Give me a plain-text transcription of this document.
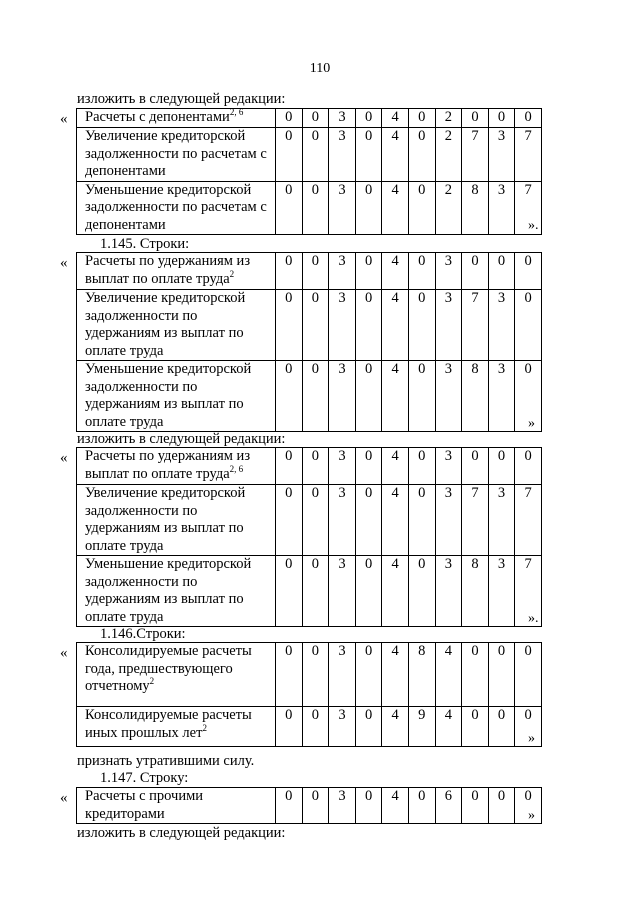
110
изложить в следующей редакции:
« Расчеты с депонентами$^{2, 6}$	0	0	3	0	4	0	2	0	0	0
Увеличение кредиторской задолженности по расчетам с депонентами	0	0	3	0	4	0	2	7	3	7
Уменьшение кредиторской задолженности по расчетам с депонентами	0	0	3	0	4	0	2	8	3	7
».
1.145. Строки:
« Расчеты по удержаниям из выплат по оплате труда$^2$	0	0	3	0	4	0	3	0	0	0
Увеличение кредиторской задолженности по удержаниям из выплат по оплате труда	0	0	3	0	4	0	3	7	3	0
Уменьшение кредиторской задолженности по удержаниям из выплат по оплате труда	0	0	3	0	4	0	3	8	3	0
»
изложить в следующей редакции:
« Расчеты по удержаниям из выплат по оплате труда$^{2, 6}$	0	0	3	0	4	0	3	0	0	0
Увеличение кредиторской задолженности по удержаниям из выплат по оплате труда	0	0	3	0	4	0	3	7	3	7
Уменьшение кредиторской задолженности по удержаниям из выплат по оплате труда	0	0	3	0	4	0	3	8	3	7
».
1.146.Строки:
« Консолидируемые расчеты года, предшествующего отчетному$^2$	0	0	3	0	4	8	4	0	0	0
Консолидируемые расчеты иных прошлых лет$^2$	0	0	3	0	4	9	4	0	0	0
»
признать утратившими силу.
1.147. Строку:
« Расчеты с прочими кредиторами	0	0	3	0	4	0	6	0	0	0
»
изложить в следующей редакции:
